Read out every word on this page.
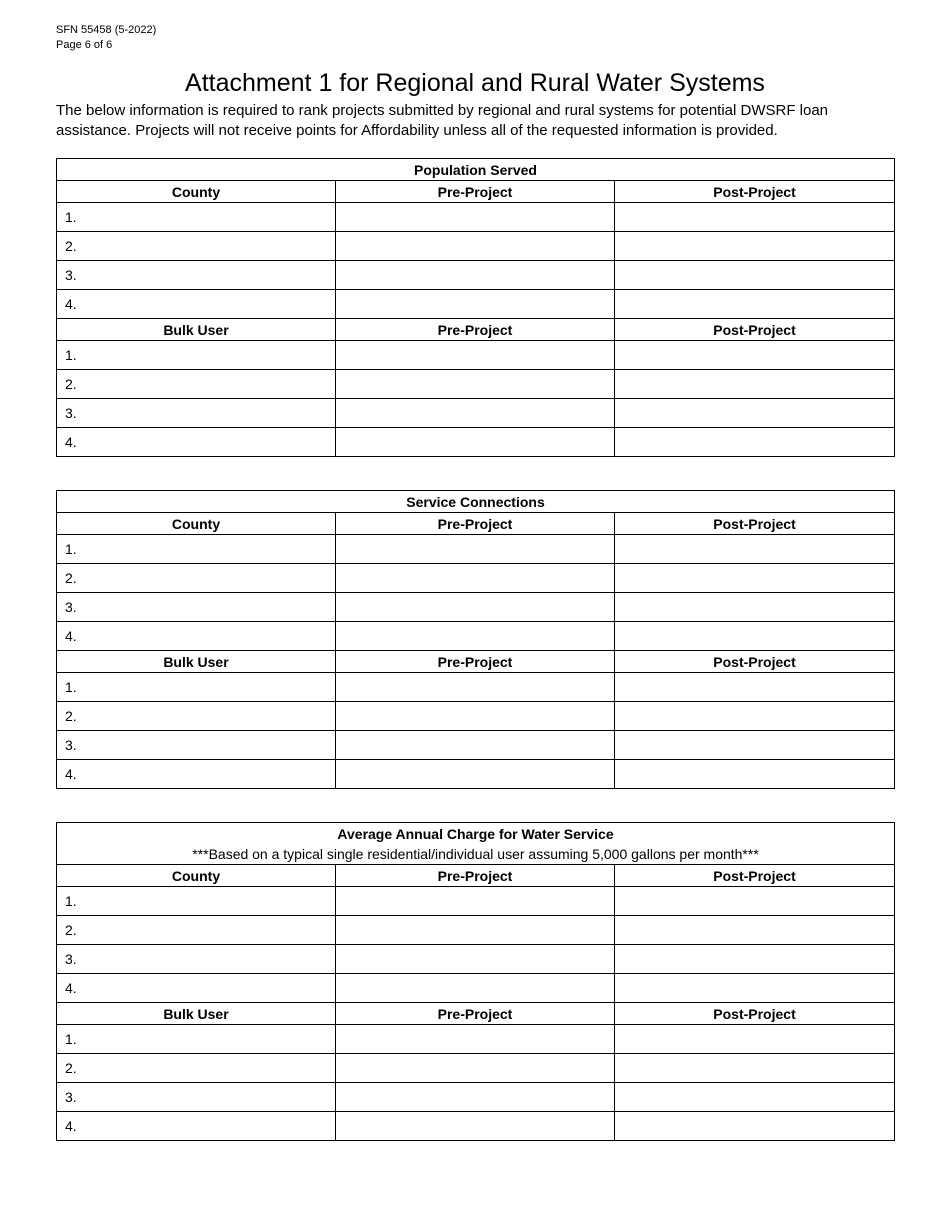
SFN 55458 (5-2022)
Page 6 of 6
Attachment 1 for Regional and Rural Water Systems

The below information is required to rank projects submitted by regional and rural systems for potential DWSRF loan assistance. Projects will not receive points for Affordability unless all of the requested information is provided.

Population Served		
County	Pre-Project	Post-Project
1.		
2.		
3.		
4.		
Bulk User	Pre-Project	Post-Project
1.		
2.		
3.		
4.		
Service Connections		
County	Pre-Project	Post-Project
1.		
2.		
3.		
4.		
Bulk User	Pre-Project	Post-Project
1.		
2.		
3.		
4.		
Average Annual Charge for Water Service
***Based on a typical single residential/individual user assuming 5,000 gallons per month***		

County	Pre-Project	Post-Project
1.		
2.		
3.		
4.		
Bulk User	Pre-Project	Post-Project
1.		
2.		
3.		
4.		
